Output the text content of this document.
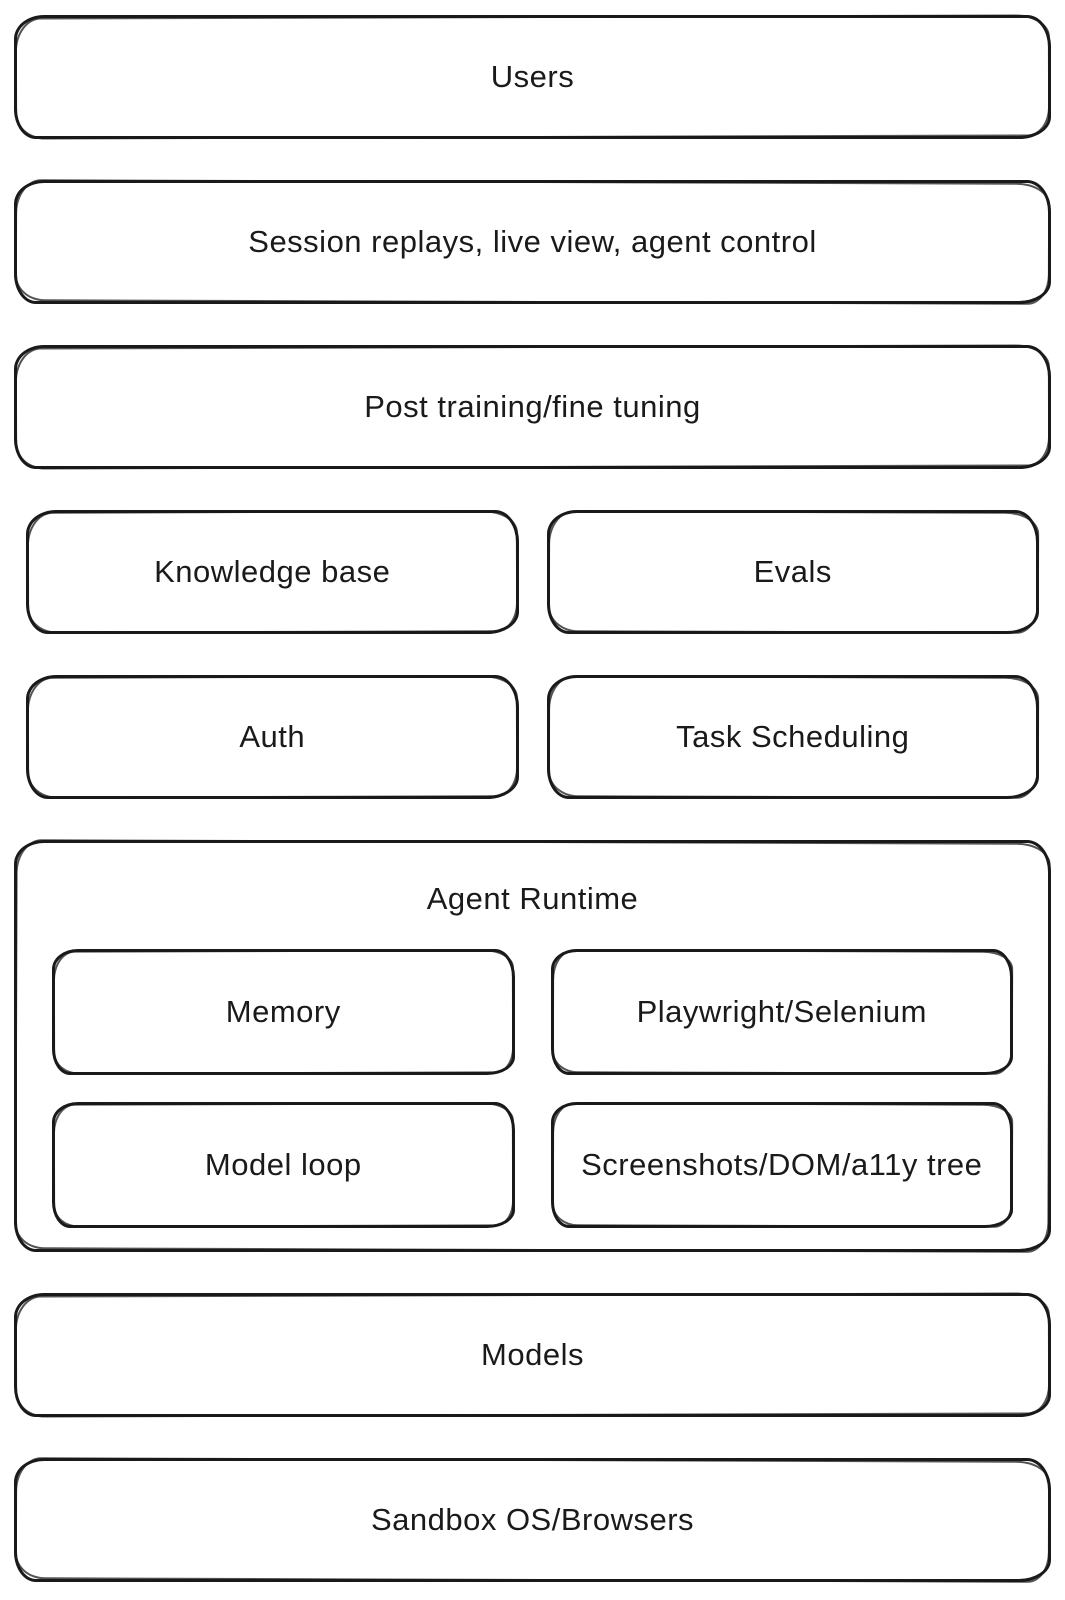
Users
Session replays, live view, agent control
Post training/fine tuning
Knowledge base	Evals
Auth	Task Scheduling
Agent Runtime
Memory	Playwright/Selenium
Model loop	Screenshots/DOM/a11y tree
Models
Sandbox OS/Browsers
